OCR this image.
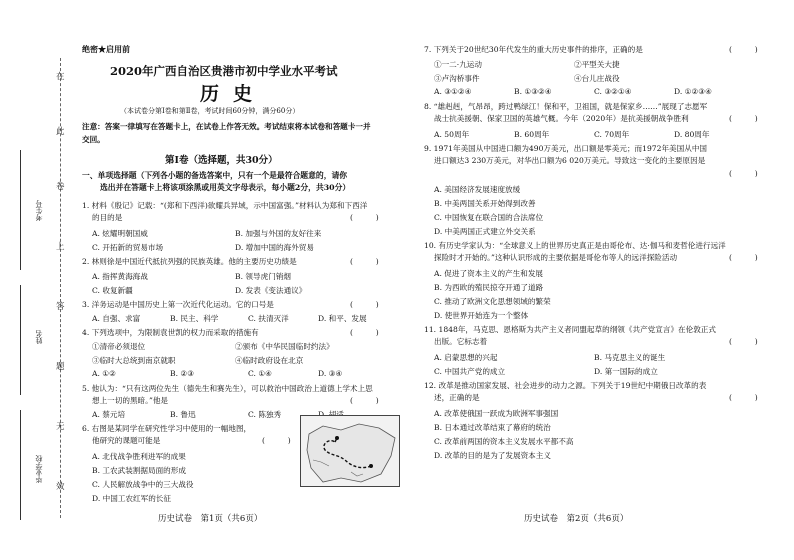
在
此
卷
上
答
题
无
效
考生号
姓名
毕业学校
绝密★启用前
2020年广西自治区贵港市初中学业水平考试
历史
（本试卷分第Ⅰ卷和第Ⅱ卷，考试时间60分钟，满分60分）
注意：答案一律填写在答题卡上，在试卷上作答无效。考试结束将本试卷和答题卡一并
交回。
第Ⅰ卷（选择题，共30分）
一、单项选择题（下列各小题的备选答案中，只有一个是最符合题意的，请你
选出并在答题卡上将该项涂黑或用英文字母表示，每小题2分，共30分）
1. 材料《殷记》记载：“(郑和下西洋)欲耀兵异域，示中国富强。”材料认为郑和下西洋
的目的是	(　　　)
A. 炫耀明朝国威	B. 加强与外国的友好往来
C. 开拓新的贸易市场	D. 增加中国的海外贸易
2. 林则徐是中国近代抵抗列强的民族英雄。他的主要历史功绩是	(　　　)
A. 指挥黄海海战	B. 领导虎门销烟
C. 收复新疆	D. 发表《变法通议》
3. 洋务运动是中国历史上第一次近代化运动。它的口号是	(　　　)
A. 自强、求富	B. 民主、科学	C. 扶清灭洋	D. 和平、发展
4. 下列选项中，为限制袁世凯的权力而采取的措施有	(　　　)
①清帝必须退位	②颁布《中华民国临时约法》
③临时大总统到南京就职	④临时政府设在北京
A. ①②	B. ②③	C. ①④	D. ③④
5. 他认为：“只有这两位先生（德先生和赛先生），可以救治中国政治上道德上学术上思
想上一切的黑暗。”他是	(　　　)
A. 蔡元培	B. 鲁迅	C. 陈独秀
6. 右图是某同学在研究性学习中使用的一幅地图，
他研究的课题可能是	(　　　)
A. 北伐战争胜利进军的成果
B. 工农武装割据局面的形成
C. 人民解放战争中的三大战役
D. 中国工农红军的长征
历史试卷　第1页（共6页）
7. 下列关于20世纪30年代发生的重大历史事件的排序，正确的是	(　　　)
①一二·九运动	②平型关大捷
③卢沟桥事件	④台儿庄战役
A. ③①②④	B. ①③②④	C. ③②①④	D. ①②③④
8. “雄赳赳，气昂昂，跨过鸭绿江！保和平，卫祖国，就是保家乡……”展现了志愿军
战士抗美援朝、保家卫国的英雄气概。今年（2020年）是抗美援朝战争胜利	(　　　)
A. 50周年	B. 60周年	C. 70周年	D. 80周年
9. 1971年美国从中国进口额为490万美元，出口额是零美元；而1972年美国从中国
进口额达3 230万美元，对华出口额为6 020万美元。导致这一变化的主要原因是
(　　　)
A. 美国经济发展速度放缓
B. 中美两国关系开始得到改善
C. 中国恢复在联合国的合法席位
D. 中美两国正式建立外交关系
10. 有历史学家认为：“全球意义上的世界历史真正是由哥伦布、达·伽马和麦哲伦进行远洋
探险时才开始的。”这种认识形成的主要依据是哥伦布等人的远洋探险活动	(　　　)
A. 促进了资本主义的产生和发展
B. 为西欧的殖民掠夺开通了道路
C. 推动了欧洲文化思想领域的繁荣
D. 使世界开始连为一个整体
11. 1848年，马克思、恩格斯为共产主义者同盟起草的纲领《共产党宣言》在伦敦正式
出版。它标志着	(　　　)
A. 启蒙思想的兴起	B. 马克思主义的诞生
C. 中国共产党的成立	D. 第一国际的成立
12. 改革是推动国家发展、社会进步的动力之源。下列关于19世纪中期俄日改革的表
述，正确的是	(　　　)
A. 改革使俄国一跃成为欧洲军事强国
B. 日本通过改革结束了幕府的统治
C. 改革前两国的资本主义发展水平都不高
D. 改革的目的是为了发展资本主义
历史试卷　第2页（共6页）
